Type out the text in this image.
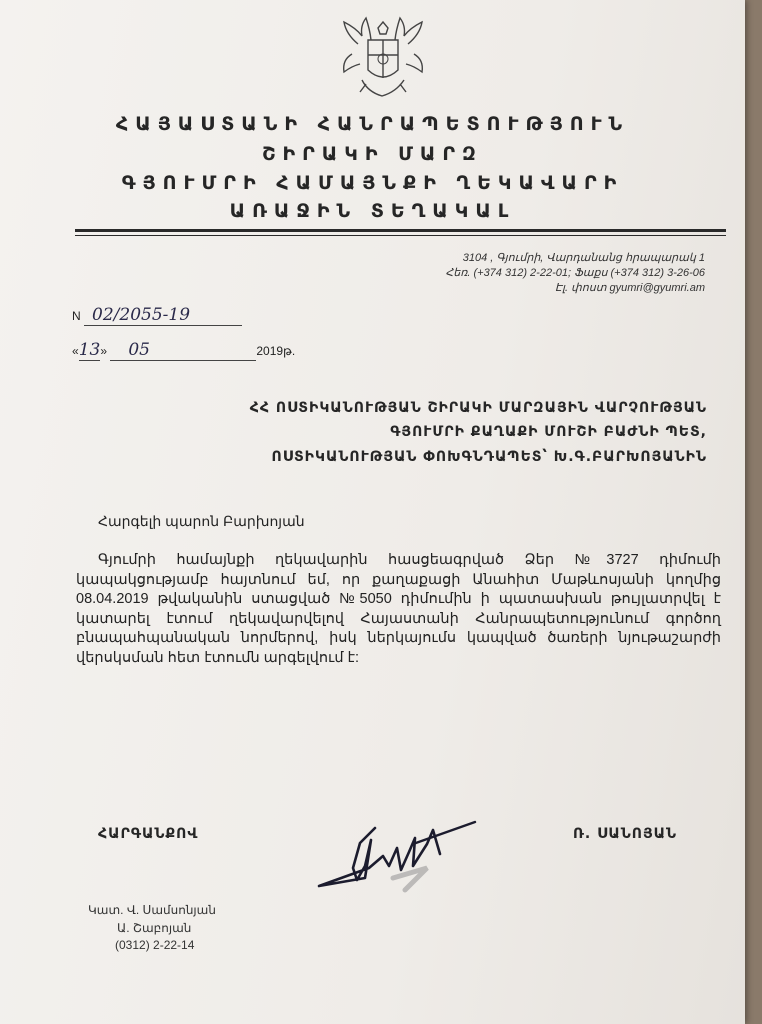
ՀԱՅԱՍՏԱՆԻ ՀԱՆՐԱՊԵՏՈՒԹՅՈՒՆ
ՇԻՐԱԿԻ ՄԱՐԶ
ԳՅՈՒՄՐԻ ՀԱՄԱՅՆՔԻ ՂԵԿԱՎԱՐԻ
ԱՌԱՋԻՆ ՏԵՂԱԿԱԼ
3104 , Գյումրի, Վարդանանց հրապարակ 1
Հեռ. (+374 312) 2-22-01; Ֆաքս (+374 312) 3-26-06
Էլ. փոստ gyumri@gyumri.am
N 02/2055-19
«13» 05	2019թ.
ՀՀ ՈՍՏԻԿԱՆՈՒԹՅԱՆ ՇԻՐԱԿԻ ՄԱՐԶԱՅԻՆ ՎԱՐՉՈՒԹՅԱՆ
ԳՅՈՒՄՐԻ ՔԱՂԱՔԻ ՄՈՒՇԻ ԲԱԺՆԻ ՊԵՏ,
ՈՍՏԻԿԱՆՈՒԹՅԱՆ ՓՈԽԳՆԴԱՊԵՏ՝ Խ.Գ.ԲԱՐԽՈՅԱՆԻՆ
Հարգելի պարոն Բարխոյան
Գյումրի համայնքի ղեկավարին հասցեագրված Ձեր №3727 դիմումի կապակցությամբ հայտնում եմ, որ քաղաքացի Անահիտ Մաթևոսյանի կողմից 08.04.2019 թվականին ստացված №5050 դիմումին ի պատասխան թույլատրվել է կատարել էտում ղեկավարվելով Հայաստանի Հանրապետությունում գործող բնապահպանական նորմերով, իսկ ներկայումս կապված ծառերի նյութաշարժի վերսկսման հետ էտումն արգելվում է:
ՀԱՐԳԱՆՔՈՎ	Ռ. ՍԱՆՈՅԱՆ
Կատ. Վ. Սամսոնյան
Ա. Շաբոյան
(0312) 2-22-14
